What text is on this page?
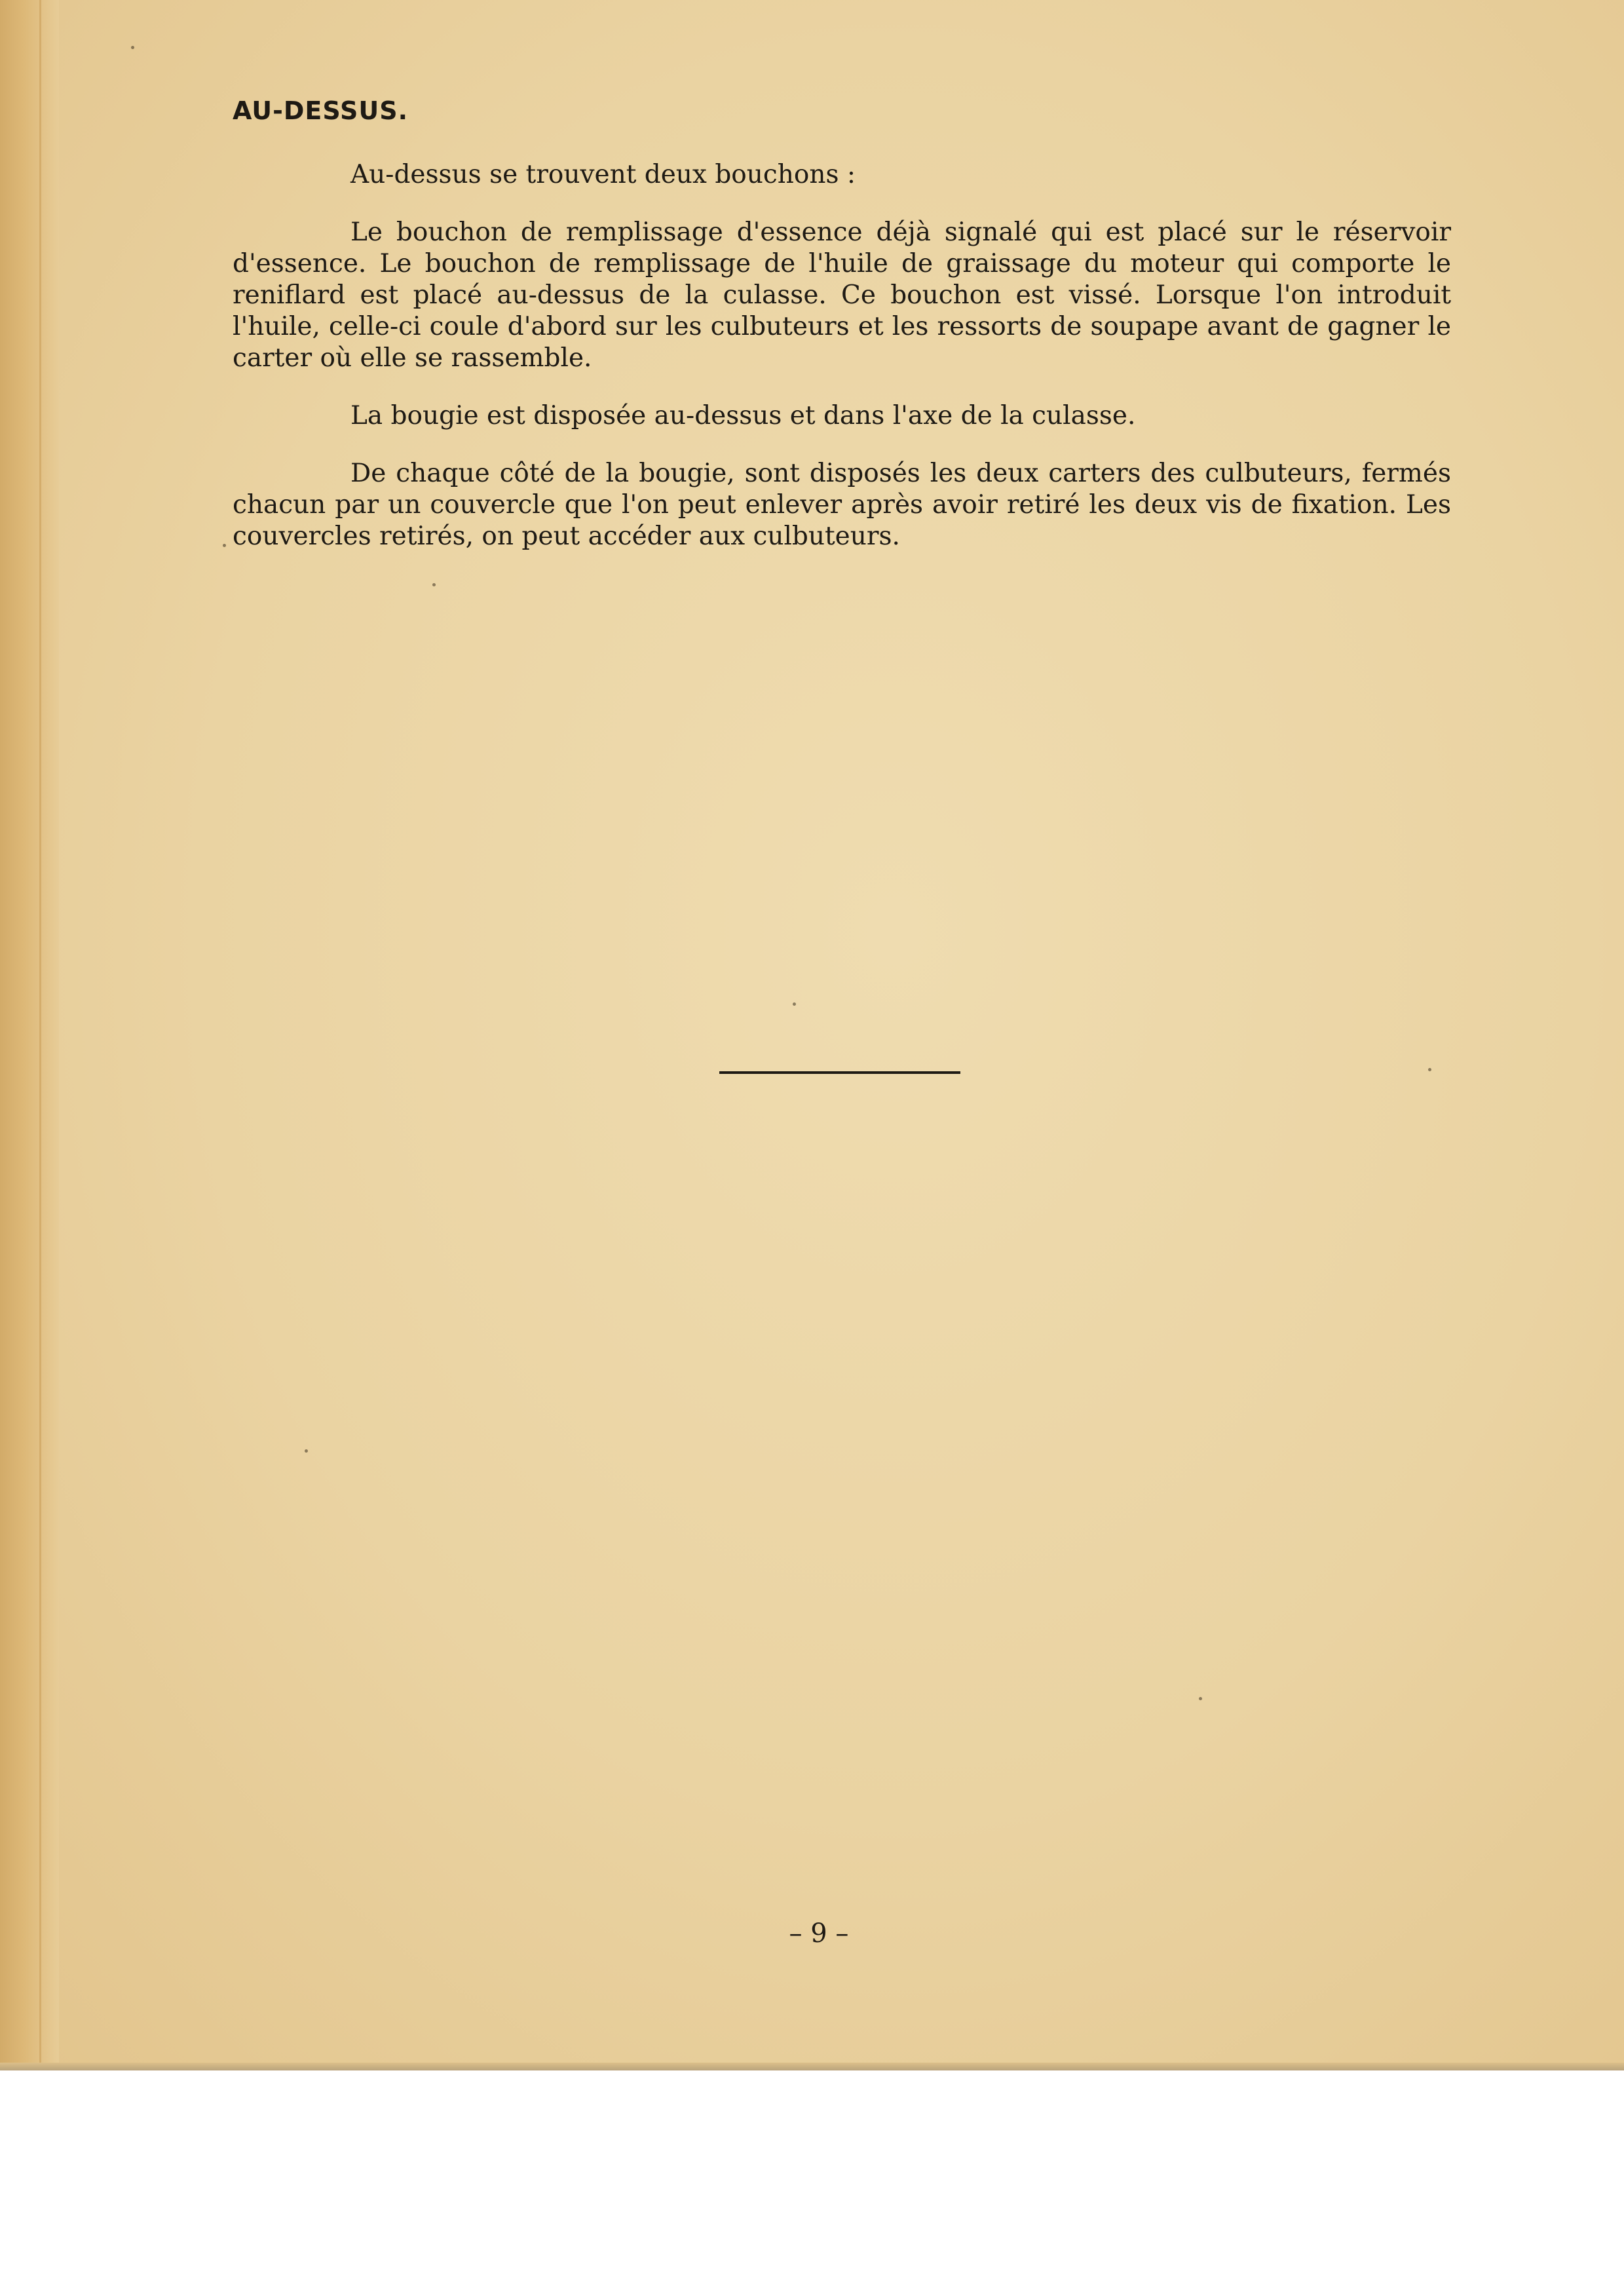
AU-DESSUS.

Au-dessus se trouvent deux bouchons :

Le bouchon de remplissage d'essence déjà signalé qui est placé sur le réservoir d'essence. Le bouchon de remplissage de l'huile de graissage du moteur qui comporte le reniflard est placé au-dessus de la culasse. Ce bouchon est vissé. Lorsque l'on introduit l'huile, celle-ci coule d'abord sur les culbuteurs et les ressorts de soupape avant de gagner le carter où elle se rassemble.

La bougie est disposée au-dessus et dans l'axe de la culasse.

De chaque côté de la bougie, sont disposés les deux carters des culbuteurs, fermés chacun par un couvercle que l'on peut enlever après avoir retiré les deux vis de fixation. Les couvercles retirés, on peut accéder aux culbuteurs.

– 9 –
